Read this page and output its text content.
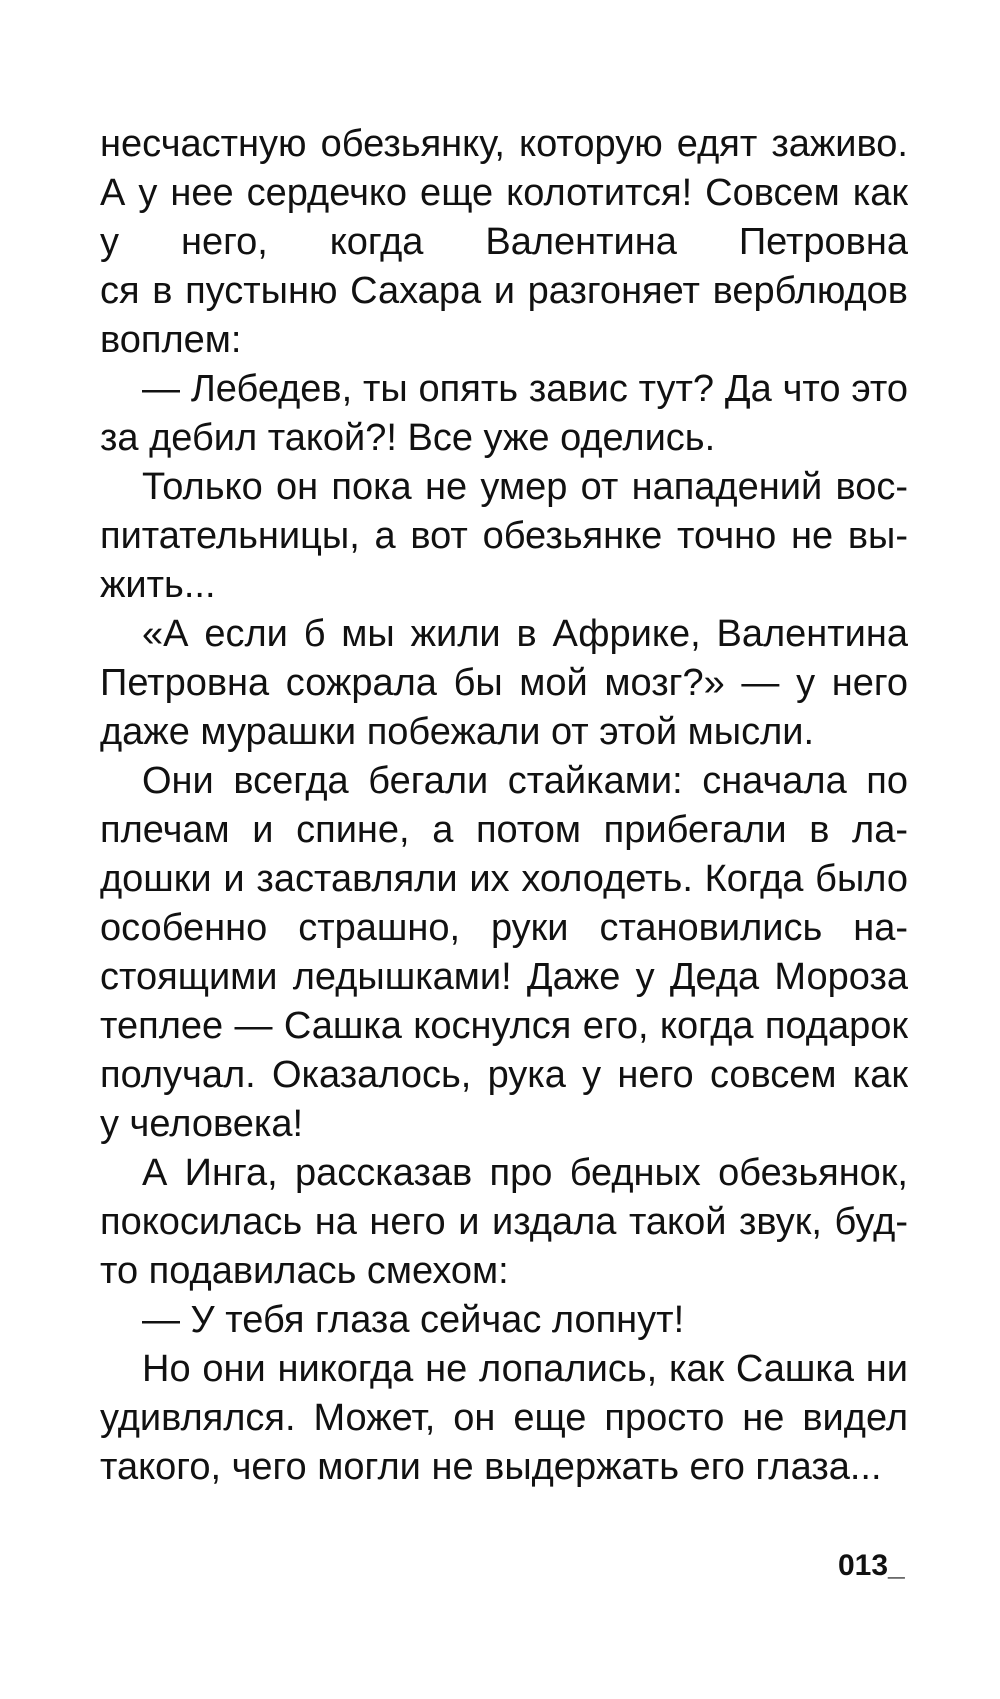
несчастную обезьянку, которую едят заживо.
А у нее сердечко еще колотится! Совсем как
у него, когда Валентина Петровна
ся в пустыню Сахара и разгоняет верблюдов
воплем:
— Лебедев, ты опять завис тут? Да что это
за дебил такой?! Все уже оделись.
Только он пока не умер от нападений вос-
питательницы, а вот обезьянке точно не вы-
жить...
«А если б мы жили в Африке, Валентина
Петровна сожрала бы мой мозг?» — у него
даже мурашки побежали от этой мысли.
Они всегда бегали стайками: сначала по
плечам и спине, а потом прибегали в ла-
дошки и заставляли их холодеть. Когда было
особенно страшно, руки становились на-
стоящими ледышками! Даже у Деда Мороза
теплее — Сашка коснулся его, когда подарок
получал. Оказалось, рука у него совсем как
у человека!
А Инга, рассказав про бедных обезьянок,
покосилась на него и издала такой звук, буд-
то подавилась смехом:
— У тебя глаза сейчас лопнут!
Но они никогда не лопались, как Сашка ни
удивлялся. Может, он еще просто не видел
такого, чего могли не выдержать его глаза...
013_
